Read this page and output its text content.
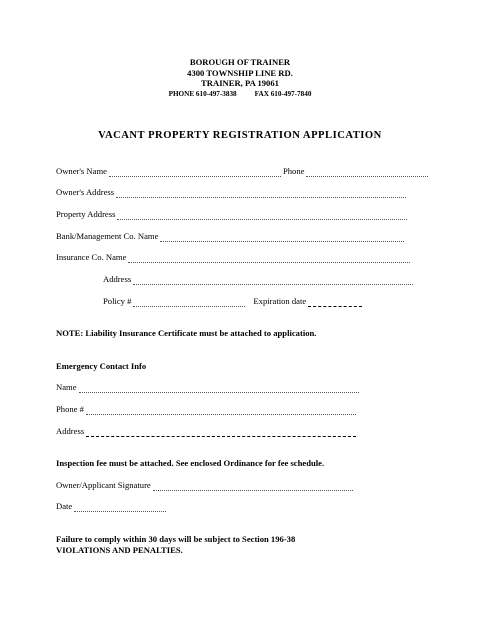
BOROUGH OF TRAINER
4300 TOWNSHIP LINE RD.
TRAINER, PA 19061
PHONE 610-497-3838	FAX 610-497-7840
VACANT PROPERTY REGISTRATION APPLICATION
Owner's Name	Phone
Owner's Address
Property Address
Bank/Management Co. Name
Insurance Co. Name
Address
Policy #	Expiration date
NOTE: Liability Insurance Certificate must be attached to application.
Emergency Contact Info
Name
Phone #
Address
Inspection fee must be attached. See enclosed Ordinance for fee schedule.
Owner/Applicant Signature
Date
Failure to comply within 30 days will be subject to Section 196-38
VIOLATIONS AND PENALTIES.
